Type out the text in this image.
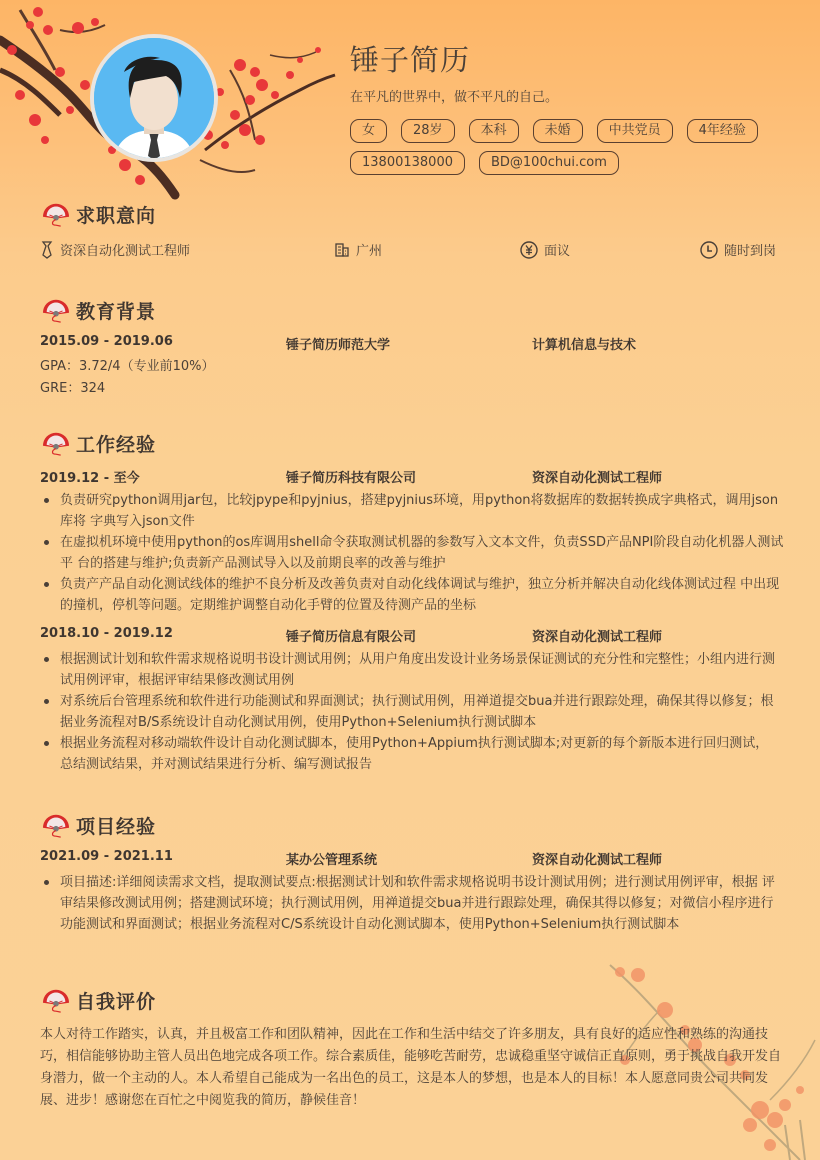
锤子简历
在平凡的世界中，做不平凡的自己。
女	28岁	本科	未婚	中共党员	4年经验
13800138000	BD@100chui.com
求职意向
资深自动化测试工程师	广州	面议	随时到岗
教育背景
2015.09 - 2019.06	锤子简历师范大学	计算机信息与技术
GPA：3.72/4（专业前10%）
GRE：324
工作经验
2019.12 - 至今	锤子简历科技有限公司	资深自动化测试工程师
负责研究python调用jar包，比较jpype和pyjnius，搭建pyjnius环境，用python将数据库的数据转换成字典格式，调用json库将 字典写入json文件
在虚拟机环境中使用python的os库调用shell命令获取测试机器的参数写入文本文件，负责SSD产品NPI阶段自动化机器人测试平 台的搭建与维护;负责新产品测试导入以及前期良率的改善与维护
负责产产品自动化测试线体的维护不良分析及改善负责对自动化线体调试与维护，独立分析并解决自动化线体测试过程 中出现的撞机，停机等问题。定期维护调整自动化手臂的位置及待测产品的坐标
2018.10 - 2019.12	锤子简历信息有限公司	资深自动化测试工程师
根据测试计划和软件需求规格说明书设计测试用例；从用户角度出发设计业务场景保证测试的充分性和完整性；小组内进行测试用例评审，根据评审结果修改测试用例
对系统后台管理系统和软件进行功能测试和界面测试；执行测试用例，用禅道提交bua并进行跟踪处理，确保其得以修复；根据业务流程对B/S系统设计自动化测试用例，使用Python+Selenium执行测试脚本
根据业务流程对移动端软件设计自动化测试脚本，使用Python+Appium执行测试脚本;对更新的每个新版本进行回归测试， 总结测试结果，并对测试结果进行分析、编写测试报告
项目经验
2021.09 - 2021.11	某办公管理系统	资深自动化测试工程师
项目描述:详细阅读需求文档，提取测试要点:根据测试计划和软件需求规格说明书设计测试用例；进行测试用例评审，根据 评审结果修改测试用例；搭建测试环境；执行测试用例，用禅道提交bua并进行跟踪处理，确保其得以修复；对微信小程序进行功能测试和界面测试；根据业务流程对C/S系统设计自动化测试脚本，使用Python+Selenium执行测试脚本
自我评价
本人对待工作踏实，认真，并且极富工作和团队精神，因此在工作和生活中结交了许多朋友，具有良好的适应性和熟练的沟通技巧，相信能够协助主管人员出色地完成各项工作。综合素质佳，能够吃苦耐劳，忠诚稳重坚守诚信正直原则，勇于挑战自我开发自身潜力，做一个主动的人。本人希望自己能成为一名出色的员工，这是本人的梦想，也是本人的目标！本人愿意同贵公司共同发展、进步！感谢您在百忙之中阅览我的简历，静候佳音！
